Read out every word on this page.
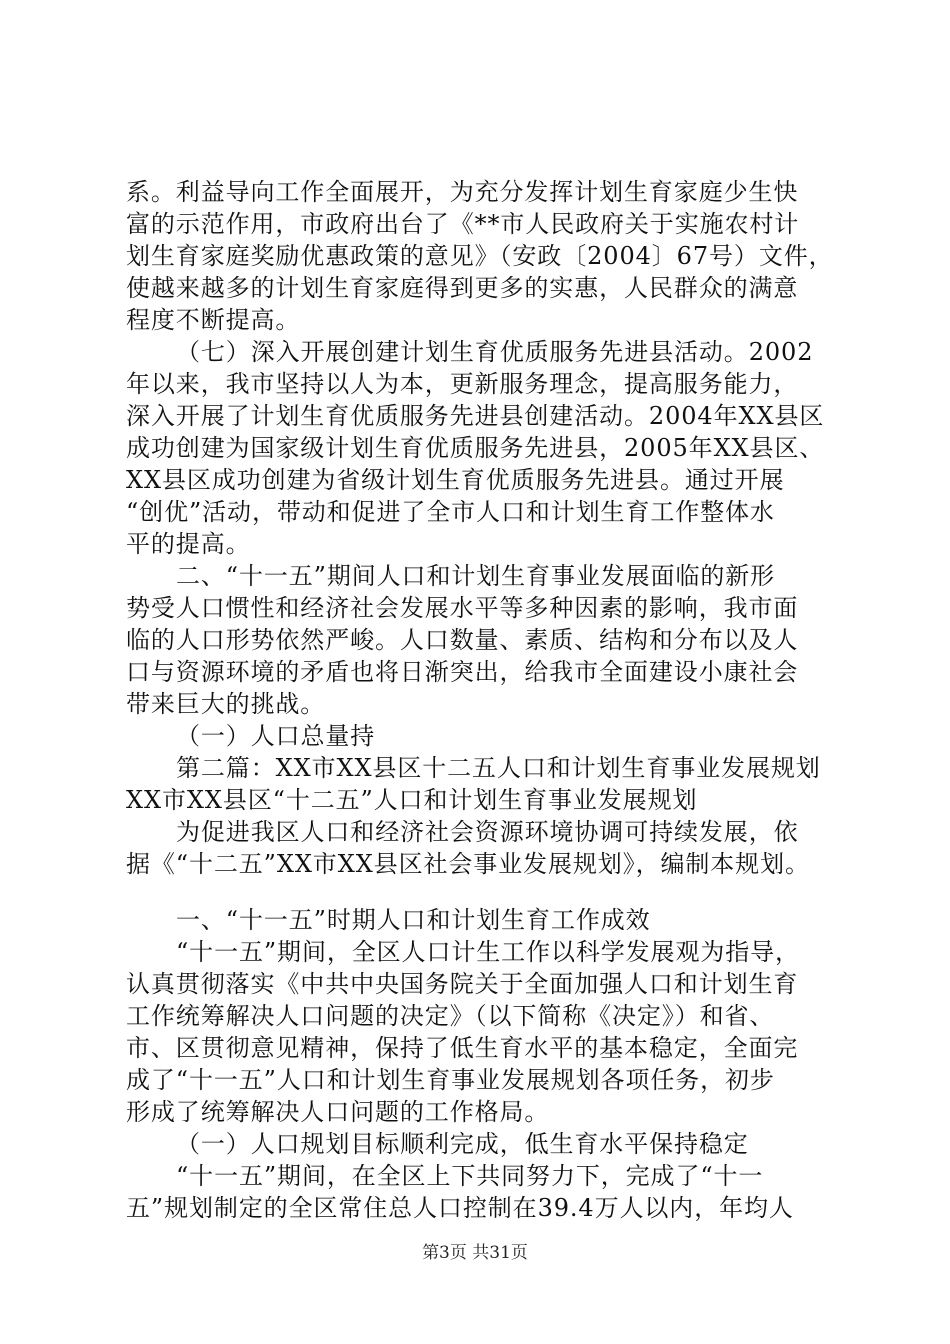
系。利益导向工作全面展开，为充分发挥计划生育家庭少生快
富的示范作用，市政府出台了《**市人民政府关于实施农村计
划生育家庭奖励优惠政策的意见》（安政〔2004〕67号）文件，
使越来越多的计划生育家庭得到更多的实惠，人民群众的满意
程度不断提高。
（七）深入开展创建计划生育优质服务先进县活动。2002
年以来，我市坚持以人为本，更新服务理念，提高服务能力，
深入开展了计划生育优质服务先进县创建活动。2004年XX县区
成功创建为国家级计划生育优质服务先进县，2005年XX县区、
XX县区成功创建为省级计划生育优质服务先进县。通过开展
“创优”活动，带动和促进了全市人口和计划生育工作整体水
平的提高。
二、“十一五”期间人口和计划生育事业发展面临的新形
势受人口惯性和经济社会发展水平等多种因素的影响，我市面
临的人口形势依然严峻。人口数量、素质、结构和分布以及人
口与资源环境的矛盾也将日渐突出，给我市全面建设小康社会
带来巨大的挑战。
（一）人口总量持
第二篇：XX市XX县区十二五人口和计划生育事业发展规划
XX市XX县区“十二五”人口和计划生育事业发展规划
为促进我区人口和经济社会资源环境协调可持续发展，依
据《“十二五”XX市XX县区社会事业发展规划》，编制本规划。
一、“十一五”时期人口和计划生育工作成效
“十一五”期间，全区人口计生工作以科学发展观为指导，
认真贯彻落实《中共中央国务院关于全面加强人口和计划生育
工作统筹解决人口问题的决定》（以下简称《决定》）和省、
市、区贯彻意见精神，保持了低生育水平的基本稳定，全面完
成了“十一五”人口和计划生育事业发展规划各项任务，初步
形成了统筹解决人口问题的工作格局。
（一）人口规划目标顺利完成，低生育水平保持稳定
“十一五”期间，在全区上下共同努力下，完成了“十一
五”规划制定的全区常住总人口控制在39.4万人以内，年均人
第3页 共31页
